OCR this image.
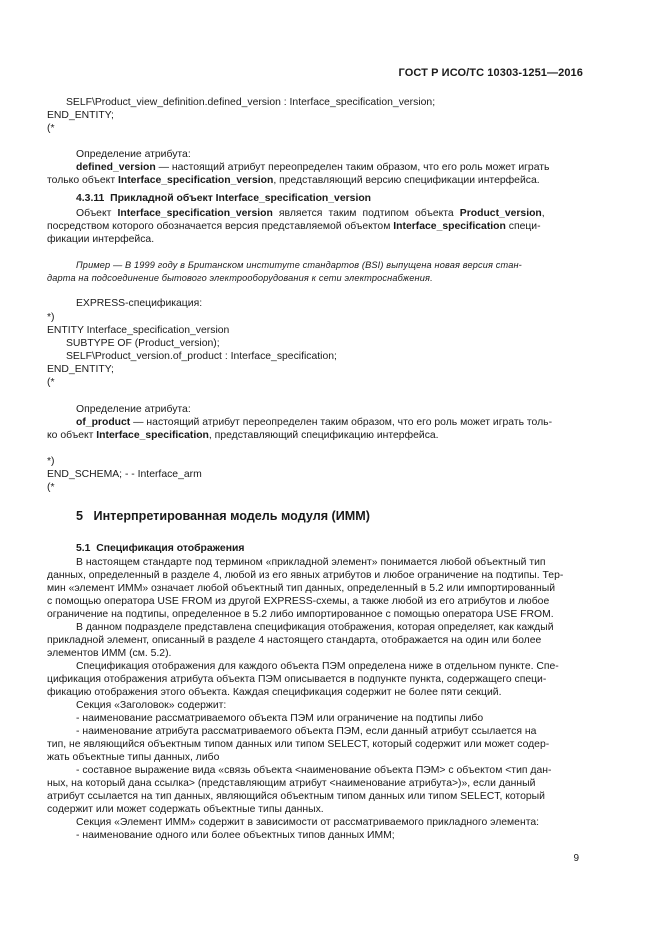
ГОСТ Р ИСО/ТС 10303-1251—2016
SELF\Product_view_definition.defined_version : Interface_specification_version;
END_ENTITY;
(*
Определение атрибута:
defined_version — настоящий атрибут переопределен таким образом, что его роль может играть
только объект Interface_specification_version, представляющий версию спецификации интерфейса.
4.3.11 Прикладной объект Interface_specification_version
Объект Interface_specification_version является таким подтипом объекта Product_version,
посредством которого обозначается версия представляемой объектом Interface_specification специ-
фикации интерфейса.
Пример — В 1999 году в Британском институте стандартов (BSI) выпущена новая версия стан-
дарта на подсоединение бытового электрооборудования к сети электроснабжения.
EXPRESS-спецификация:
*)
ENTITY Interface_specification_version
SUBTYPE OF (Product_version);
SELF\Product_version.of_product : Interface_specification;
END_ENTITY;
(*
Определение атрибута:
of_product — настоящий атрибут переопределен таким образом, что его роль может играть толь-
ко объект Interface_specification, представляющий спецификацию интерфейса.
*)
END_SCHEMA; - - Interface_arm
(*
5 Интерпретированная модель модуля (ИММ)
5.1 Спецификация отображения
В настоящем стандарте под термином «прикладной элемент» понимается любой объектный тип
данных, определенный в разделе 4, любой из его явных атрибутов и любое ограничение на подтипы. Тер-
мин «элемент ИММ» означает любой объектный тип данных, определенный в 5.2 или импортированный
с помощью оператора USE FROM из другой EXPRESS-схемы, а также любой из его атрибутов и любое
ограничение на подтипы, определенное в 5.2 либо импортированное с помощью оператора USE FROM.
В данном подразделе представлена спецификация отображения, которая определяет, как каждый
прикладной элемент, описанный в разделе 4 настоящего стандарта, отображается на один или более
элементов ИММ (см. 5.2).
Спецификация отображения для каждого объекта ПЭМ определена ниже в отдельном пункте. Спе-
цификация отображения атрибута объекта ПЭМ описывается в подпункте пункта, содержащего специ-
фикацию отображения этого объекта. Каждая спецификация содержит не более пяти секций.
Секция «Заголовок» содержит:
- наименование рассматриваемого объекта ПЭМ или ограничение на подтипы либо
- наименование атрибута рассматриваемого объекта ПЭМ, если данный атрибут ссылается на
тип, не являющийся объектным типом данных или типом SELECT, который содержит или может содер-
жать объектные типы данных, либо
- составное выражение вида «связь объекта <наименование объекта ПЭМ> с объектом <тип дан-
ных, на который дана ссылка> (представляющим атрибут <наименование атрибута>)», если данный
атрибут ссылается на тип данных, являющийся объектным типом данных или типом SELECT, который
содержит или может содержать объектные типы данных.
Секция «Элемент ИММ» содержит в зависимости от рассматриваемого прикладного элемента:
- наименование одного или более объектных типов данных ИММ;
9
